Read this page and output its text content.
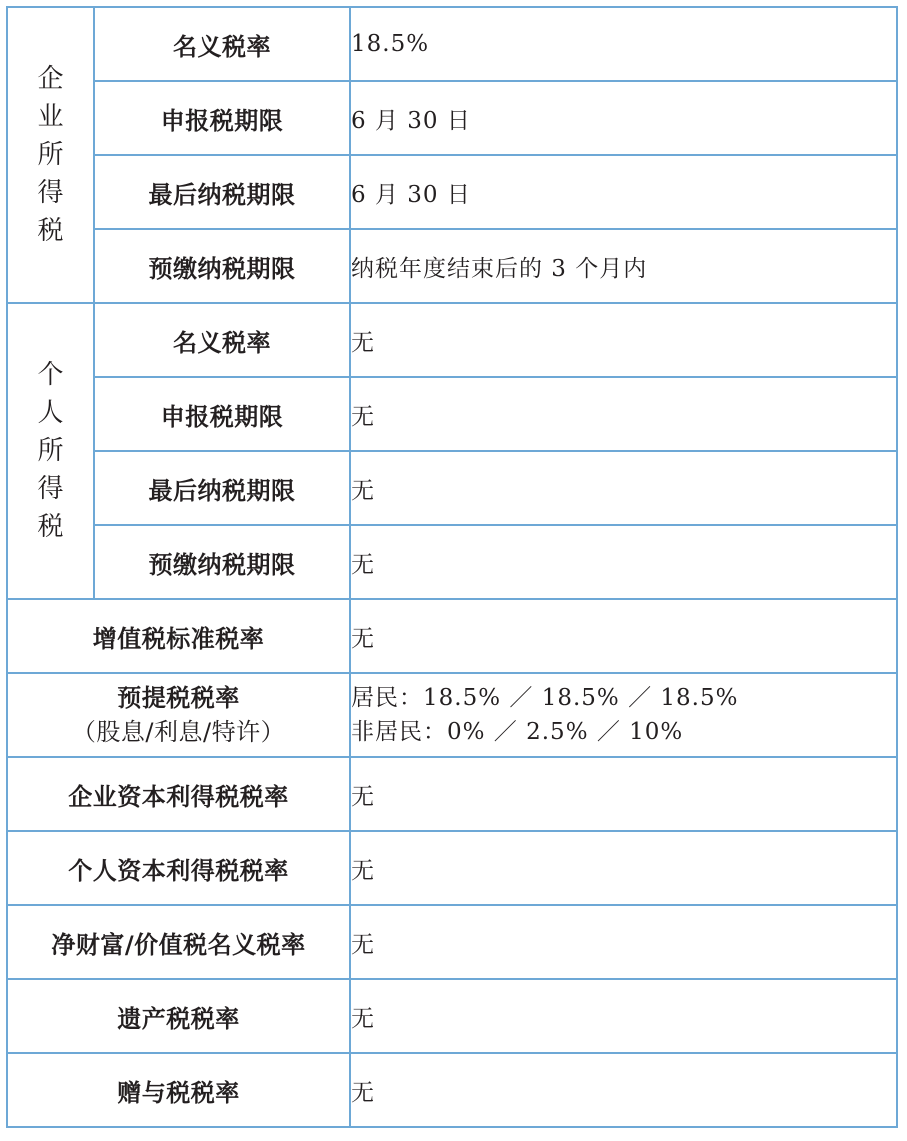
企
业
所
得
税	名义税率	18.5%
	申报税期限	6 月 30 日
	最后纳税期限	6 月 30 日
	预缴纳税期限	纳税年度结束后的 3 个月内

个
人
所
得
税	名义税率	无
	申报税期限	无
	最后纳税期限	无
	预缴纳税期限	无
增值税标准税率		无

预提税税率
（股息/利息/特许）		居民：18.5% ／ 18.5% ／ 18.5%
非居民：0% ／ 2.5% ／ 10%

企业资本利得税税率		无
个人资本利得税税率		无
净财富/价值税名义税率		无
遗产税税率		无
赠与税税率		无
